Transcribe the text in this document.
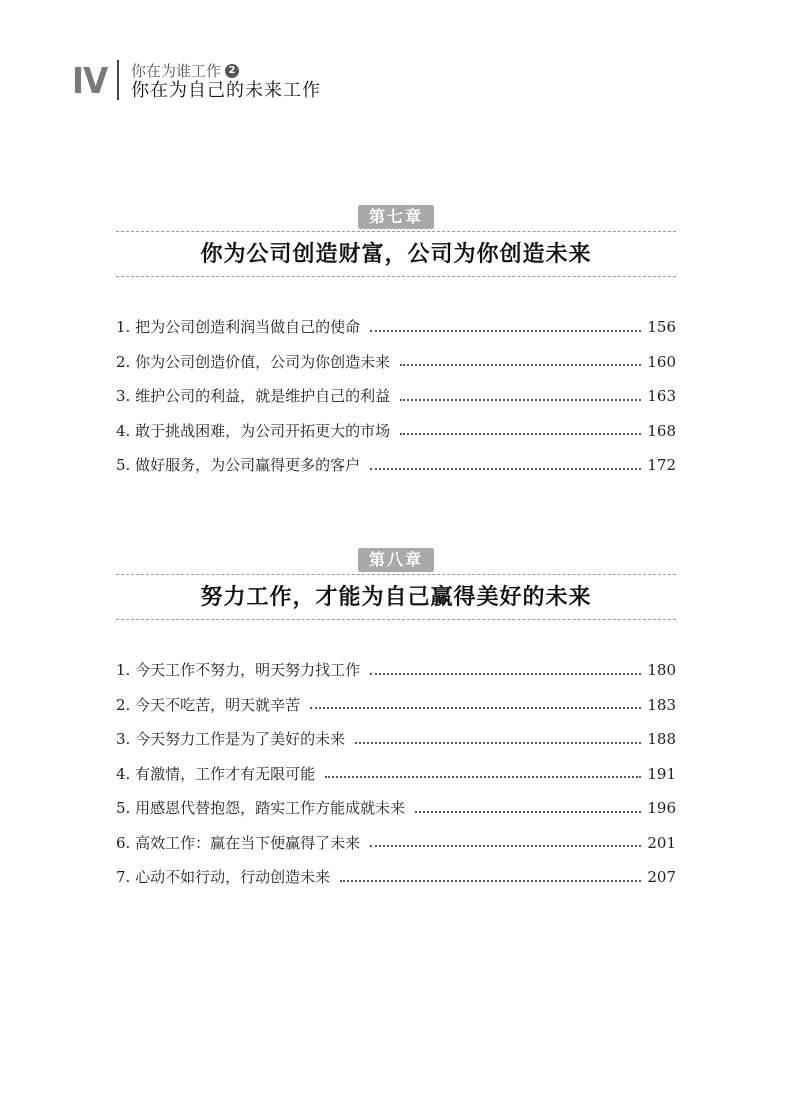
IV 你在为谁工作 2
你在为自己的未来工作
第七章
你为公司创造财富，公司为你创造未来
1. 把为公司创造利润当做自己的使命	156
2. 你为公司创造价值，公司为你创造未来	160
3. 维护公司的利益，就是维护自己的利益	163
4. 敢于挑战困难，为公司开拓更大的市场	168
5. 做好服务，为公司赢得更多的客户	172
第八章
努力工作，才能为自己赢得美好的未来
1. 今天工作不努力，明天努力找工作	180
2. 今天不吃苦，明天就辛苦	183
3. 今天努力工作是为了美好的未来	188
4. 有激情，工作才有无限可能	191
5. 用感恩代替抱怨，踏实工作方能成就未来	196
6. 高效工作：赢在当下便赢得了未来	201
7. 心动不如行动，行动创造未来	207
